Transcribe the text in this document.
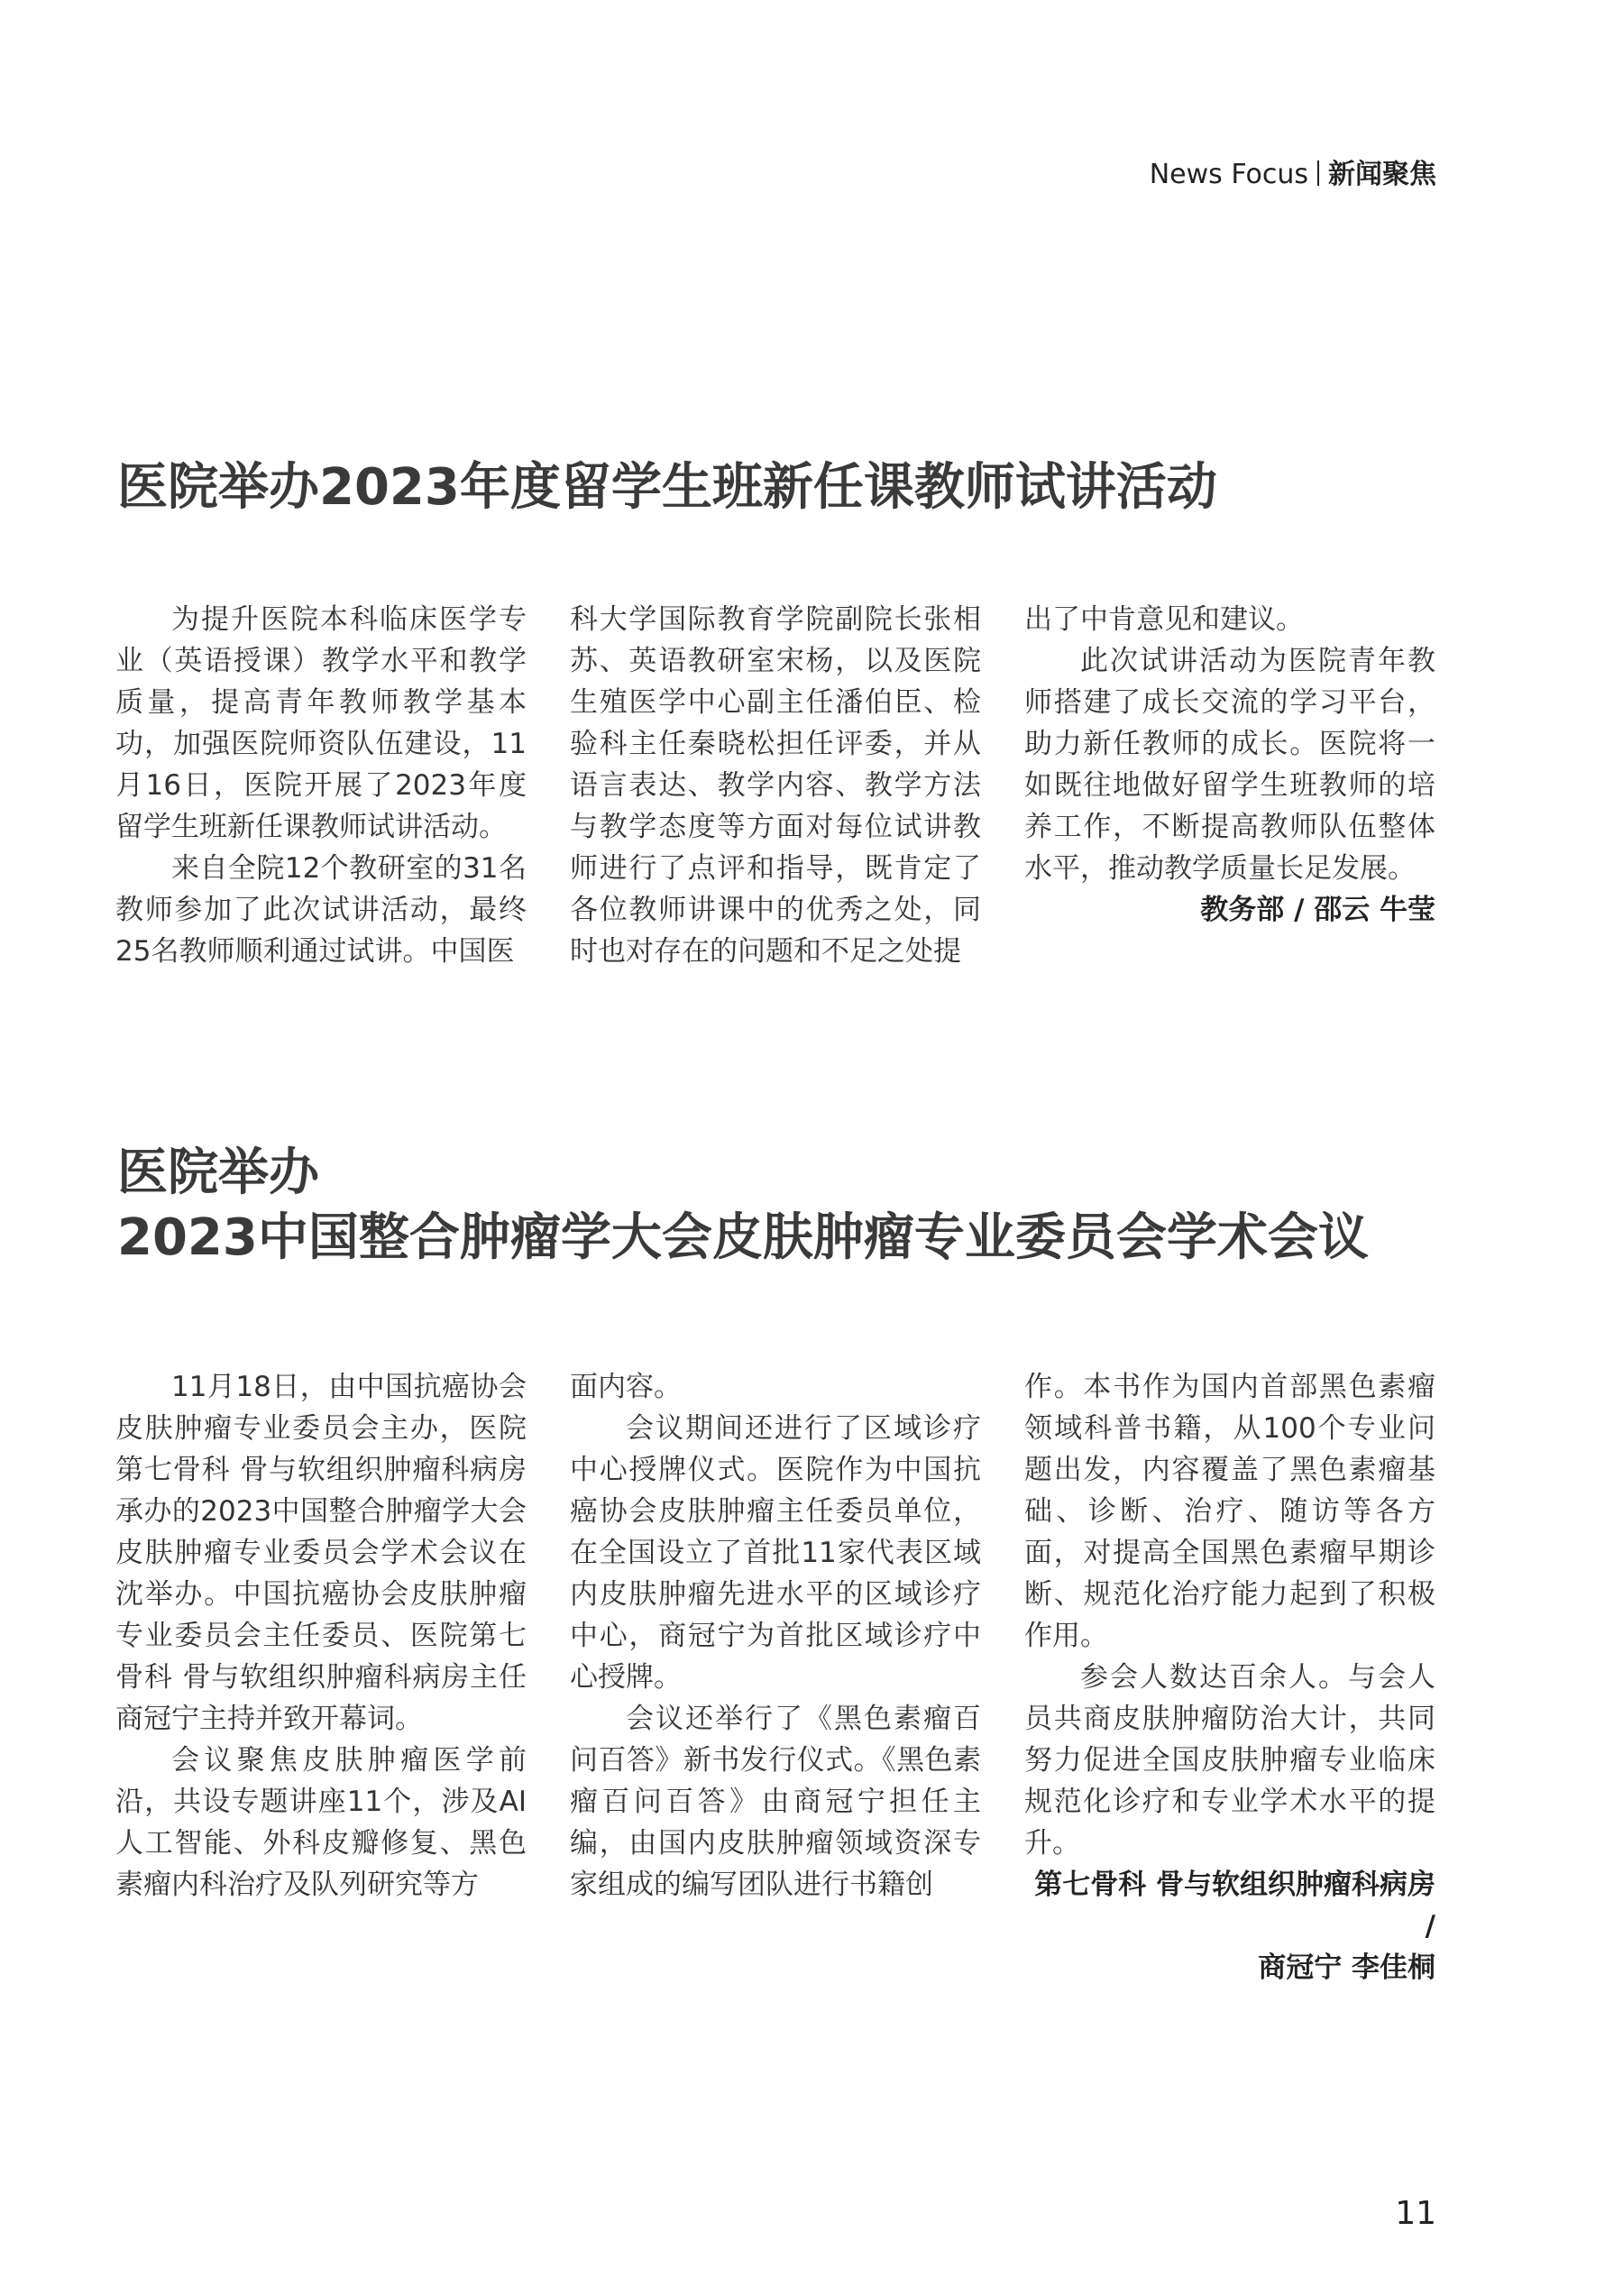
News Focus 新闻聚焦
医院举办2023年度留学生班新任课教师试讲活动

为提升医院本科临床医学专业（英语授课）教学水平和教学质量，提高青年教师教学基本功，加强医院师资队伍建设，11月16日，医院开展了2023年度留学生班新任课教师试讲活动。

来自全院12个教研室的31名教师参加了此次试讲活动，最终25名教师顺利通过试讲。中国医

科大学国际教育学院副院长张相苏、英语教研室宋杨，以及医院生殖医学中心副主任潘伯臣、检验科主任秦晓松担任评委，并从语言表达、教学内容、教学方法与教学态度等方面对每位试讲教师进行了点评和指导，既肯定了各位教师讲课中的优秀之处，同时也对存在的问题和不足之处提

出了中肯意见和建议。

此次试讲活动为医院青年教师搭建了成长交流的学习平台，助力新任教师的成长。医院将一如既往地做好留学生班教师的培养工作，不断提高教师队伍整体水平，推动教学质量长足发展。

教务部 / 邵云 牛莹

医院举办
2023中国整合肿瘤学大会皮肤肿瘤专业委员会学术会议

11月18日，由中国抗癌协会皮肤肿瘤专业委员会主办，医院第七骨科 骨与软组织肿瘤科病房承办的2023中国整合肿瘤学大会皮肤肿瘤专业委员会学术会议在沈举办。中国抗癌协会皮肤肿瘤专业委员会主任委员、医院第七骨科 骨与软组织肿瘤科病房主任商冠宁主持并致开幕词。

会议聚焦皮肤肿瘤医学前沿，共设专题讲座11个，涉及AI人工智能、外科皮瓣修复、黑色素瘤内科治疗及队列研究等方

面内容。

会议期间还进行了区域诊疗中心授牌仪式。医院作为中国抗癌协会皮肤肿瘤主任委员单位，在全国设立了首批11家代表区域内皮肤肿瘤先进水平的区域诊疗中心，商冠宁为首批区域诊疗中心授牌。

会议还举行了《黑色素瘤百问百答》新书发行仪式。《黑色素瘤百问百答》由商冠宁担任主编，由国内皮肤肿瘤领域资深专家组成的编写团队进行书籍创

作。本书作为国内首部黑色素瘤领域科普书籍，从100个专业问题出发，内容覆盖了黑色素瘤基础、诊断、治疗、随访等各方面，对提高全国黑色素瘤早期诊断、规范化治疗能力起到了积极作用。

参会人数达百余人。与会人员共商皮肤肿瘤防治大计，共同努力促进全国皮肤肿瘤专业临床规范化诊疗和专业学术水平的提升。

第七骨科 骨与软组织肿瘤科病房 /

商冠宁 李佳桐

11
